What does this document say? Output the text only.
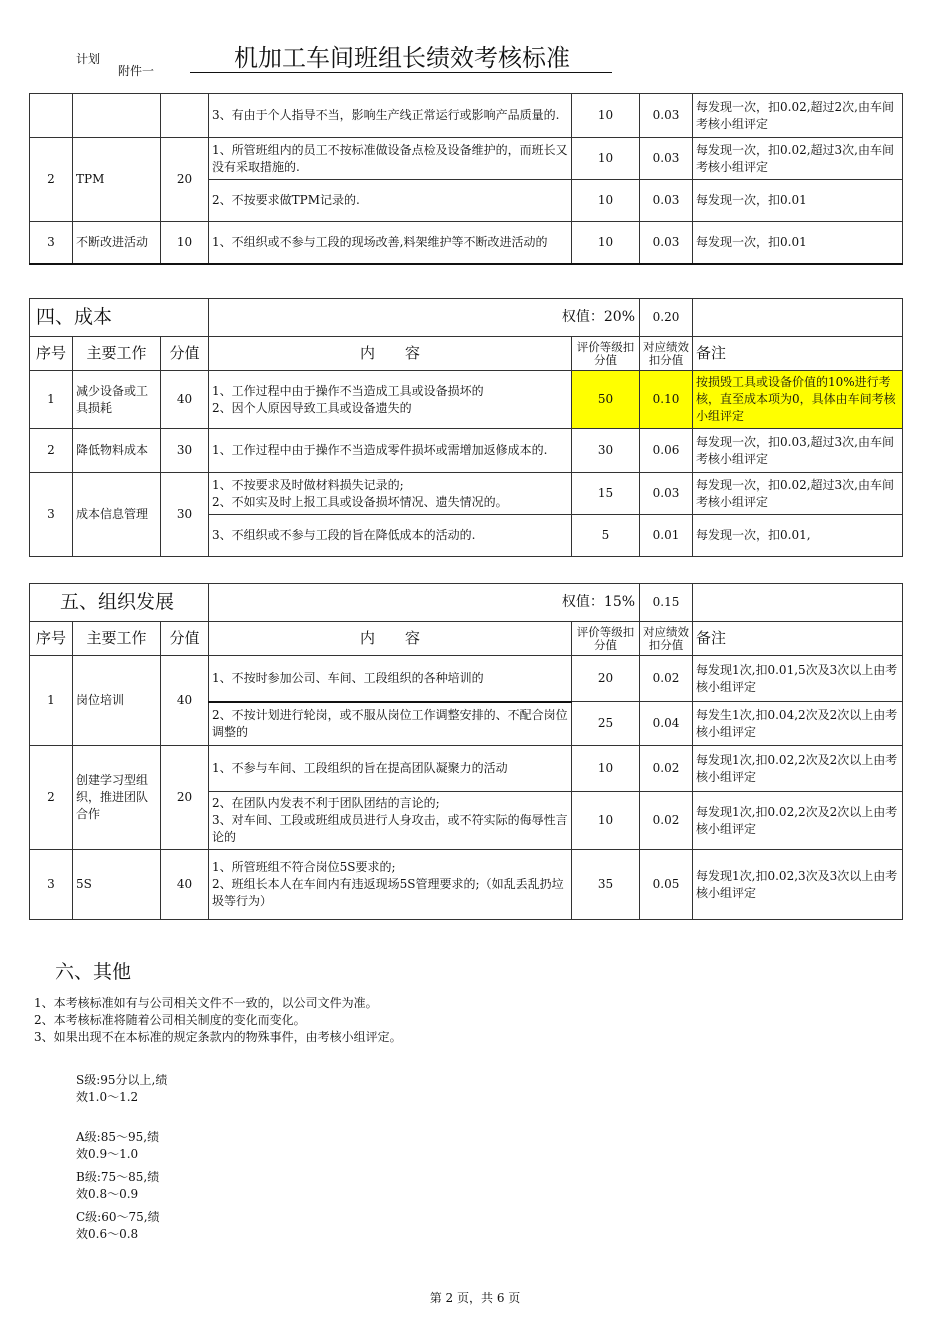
计划
附件一	机加工车间班组长绩效考核标准
			3、有由于个人指导不当，影响生产线正常运行或影响产品质量的.	10	0.03	每发现一次，扣0.02,超过2次,由车间考核小组评定
2	TPM	20	1、所管班组内的员工不按标准做设备点检及设备维护的，而班长又没有采取措施的.	10	0.03	每发现一次，扣0.02,超过3次,由车间考核小组评定
			2、不按要求做TPM记录的.	10	0.03	每发现一次，扣0.01
3	不断改进活动	10	1、不组织或不参与工段的现场改善,料架维护等不断改进活动的	10	0.03	每发现一次，扣0.01
四、成本			权值：20%		0.20	
序号	主要工作	分值	内　　容	评价等级扣分值	对应绩效扣分值	备注
1	减少设备或工具损耗	40	1、工作过程中由于操作不当造成工具或设备损坏的
2、因个人原因导致工具或设备遗失的	50	0.10	按损毁工具或设备价值的10%进行考核，直至成本项为0，具体由车间考核小组评定
2	降低物料成本	30	1、工作过程中由于操作不当造成零件损坏或需增加返修成本的.	30	0.06	每发现一次，扣0.03,超过3次,由车间考核小组评定
3	成本信息管理	30	1、不按要求及时做材料损失记录的;
2、不如实及时上报工具或设备损坏情况、遗失情况的。	15	0.03	每发现一次，扣0.02,超过3次,由车间考核小组评定
			3、不组织或不参与工段的旨在降低成本的活动的.	5	0.01	每发现一次，扣0.01,
五、组织发展			权值：15%		0.15	
序号	主要工作	分值	内　　容	评价等级扣分值	对应绩效扣分值	备注
1	岗位培训	40	1、不按时参加公司、车间、工段组织的各种培训的	20	0.02	每发现1次,扣0.01,5次及3次以上由考核小组评定
			2、不按计划进行轮岗，或不服从岗位工作调整安排的、不配合岗位调整的	25	0.04	每发生1次,扣0.04,2次及2次以上由考核小组评定
2	创建学习型组织，推进团队合作	20	1、不参与车间、工段组织的旨在提高团队凝聚力的活动	10	0.02	每发现1次,扣0.02,2次及2次以上由考核小组评定
			2、在团队内发表不利于团队团结的言论的;
3、对车间、工段或班组成员进行人身攻击，或不符实际的侮辱性言论的	10	0.02	每发现1次,扣0.02,2次及2次以上由考核小组评定
3	5S	40	1、所管班组不符合岗位5S要求的;
2、班组长本人在车间内有违返现场5S管理要求的;（如乱丢乱扔垃圾等行为）	35	0.05	每发现1次,扣0.02,3次及3次以上由考核小组评定
六、其他
1、本考核标准如有与公司相关文件不一致的，以公司文件为准。
2、本考核标准将随着公司相关制度的变化而变化。
3、如果出现不在本标准的规定条款内的物殊事件，由考核小组评定。
S级:95分以上,绩效1.0～1.2
A级:85～95,绩效0.9～1.0
B级:75～85,绩效0.8～0.9
C级:60～75,绩效0.6～0.8
第 2 页，共 6 页
